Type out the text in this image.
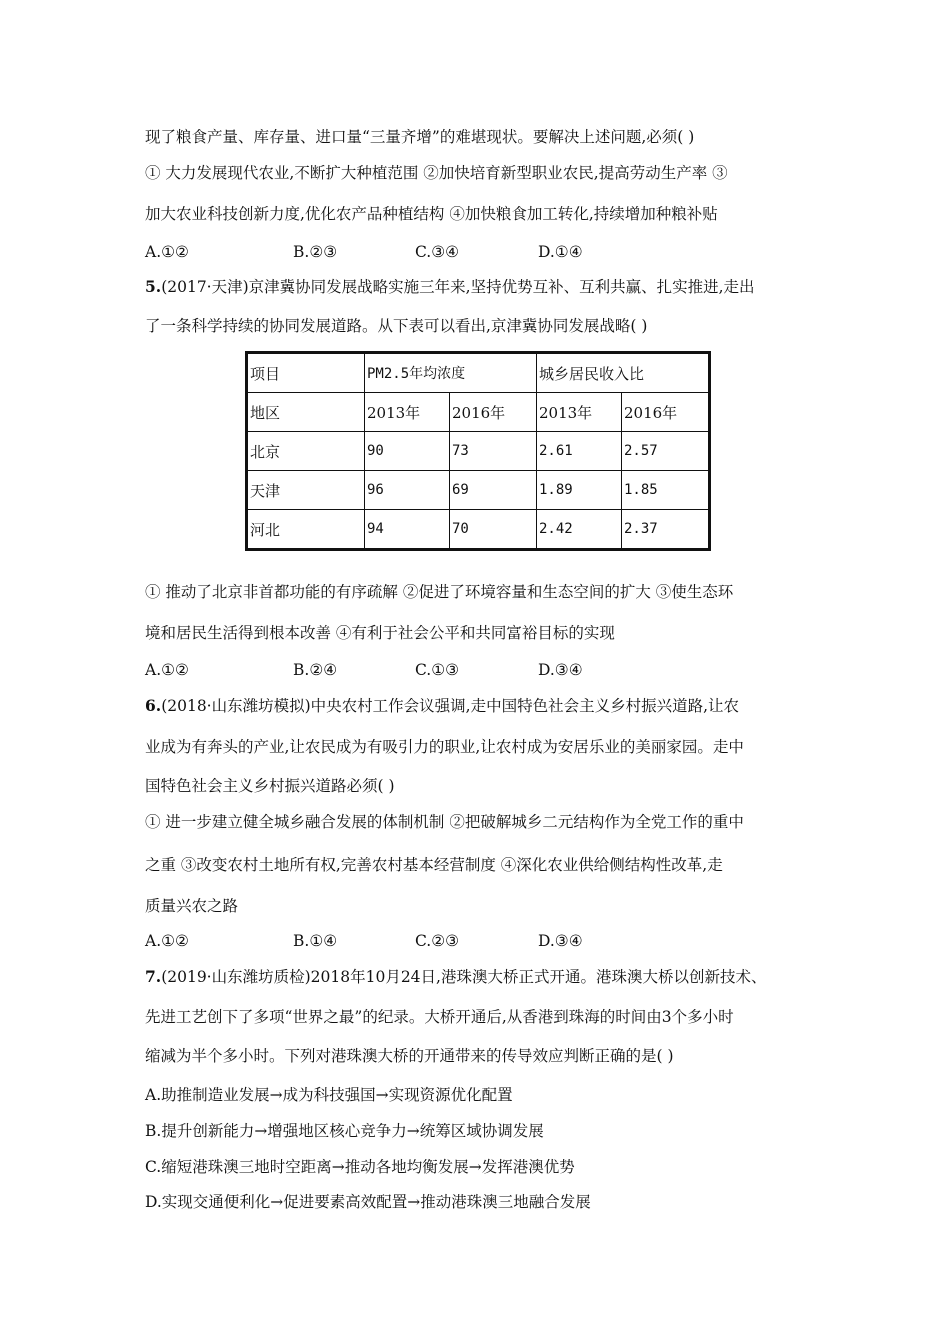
现了粮食产量、库存量、进口量“三量齐增”的难堪现状。要解决上述问题,必须( )
① 大力发展现代农业,不断扩大种植范围 ②加快培育新型职业农民,提高劳动生产率 ③
加大农业科技创新力度,优化农产品种植结构 ④加快粮食加工转化,持续增加种粮补贴
A.①②	B.②③	C.③④	D.①④
5.(2017·天津)京津冀协同发展战略实施三年来,坚持优势互补、互利共赢、扎实推进,走出
了一条科学持续的协同发展道路。从下表可以看出,京津冀协同发展战略( )
项目	PM2.5年均浓度		城乡居民收入比	
地区	2013年	2016年	2013年	2016年
北京	90	73	2.61	2.57
天津	96	69	1.89	1.85
河北	94	70	2.42	2.37
① 推动了北京非首都功能的有序疏解 ②促进了环境容量和生态空间的扩大 ③使生态环
境和居民生活得到根本改善 ④有利于社会公平和共同富裕目标的实现
A.①②	B.②④	C.①③	D.③④
6.(2018·山东潍坊模拟)中央农村工作会议强调,走中国特色社会主义乡村振兴道路,让农
业成为有奔头的产业,让农民成为有吸引力的职业,让农村成为安居乐业的美丽家园。走中
国特色社会主义乡村振兴道路必须( )
① 进一步建立健全城乡融合发展的体制机制 ②把破解城乡二元结构作为全党工作的重中
之重 ③改变农村土地所有权,完善农村基本经营制度 ④深化农业供给侧结构性改革,走
质量兴农之路
A.①②	B.①④	C.②③	D.③④
7.(2019·山东潍坊质检)2018年10月24日,港珠澳大桥正式开通。港珠澳大桥以创新技术、
先进工艺创下了多项“世界之最”的纪录。大桥开通后,从香港到珠海的时间由3个多小时
缩减为半个多小时。下列对港珠澳大桥的开通带来的传导效应判断正确的是( )
A.助推制造业发展→成为科技强国→实现资源优化配置
B.提升创新能力→增强地区核心竞争力→统筹区域协调发展
C.缩短港珠澳三地时空距离→推动各地均衡发展→发挥港澳优势
D.实现交通便利化→促进要素高效配置→推动港珠澳三地融合发展
